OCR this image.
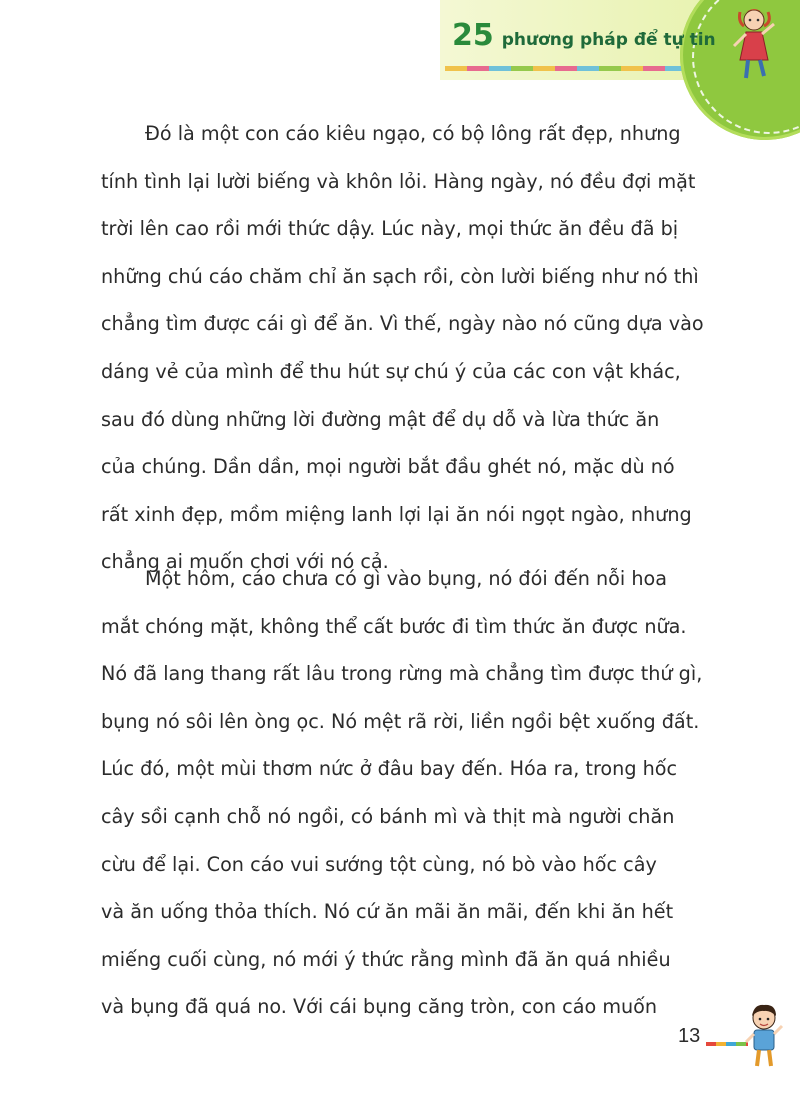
25 phương pháp để tự tin
Đó là một con cáo kiêu ngạo, có bộ lông rất đẹp, nhưng
tính tình lại lười biếng và khôn lỏi. Hàng ngày, nó đều đợi mặt
trời lên cao rồi mới thức dậy. Lúc này, mọi thức ăn đều đã bị
những chú cáo chăm chỉ ăn sạch rồi, còn lười biếng như nó thì
chẳng tìm được cái gì để ăn. Vì thế, ngày nào nó cũng dựa vào
dáng vẻ của mình để thu hút sự chú ý của các con vật khác,
sau đó dùng những lời đường mật để dụ dỗ và lừa thức ăn
của chúng. Dần dần, mọi người bắt đầu ghét nó, mặc dù nó
rất xinh đẹp, mồm miệng lanh lợi lại ăn nói ngọt ngào, nhưng
chẳng ai muốn chơi với nó cả.
Một hôm, cáo chưa có gì vào bụng, nó đói đến nỗi hoa
mắt chóng mặt, không thể cất bước đi tìm thức ăn được nữa.
Nó đã lang thang rất lâu trong rừng mà chẳng tìm được thứ gì,
bụng nó sôi lên òng ọc. Nó mệt rã rời, liền ngồi bệt xuống đất.
Lúc đó, một mùi thơm nức ở đâu bay đến. Hóa ra, trong hốc
cây sồi cạnh chỗ nó ngồi, có bánh mì và thịt mà người chăn
cừu để lại. Con cáo vui sướng tột cùng, nó bò vào hốc cây
và ăn uống thỏa thích. Nó cứ ăn mãi ăn mãi, đến khi ăn hết
miếng cuối cùng, nó mới ý thức rằng mình đã ăn quá nhiều
và bụng đã quá no. Với cái bụng căng tròn, con cáo muốn
13
